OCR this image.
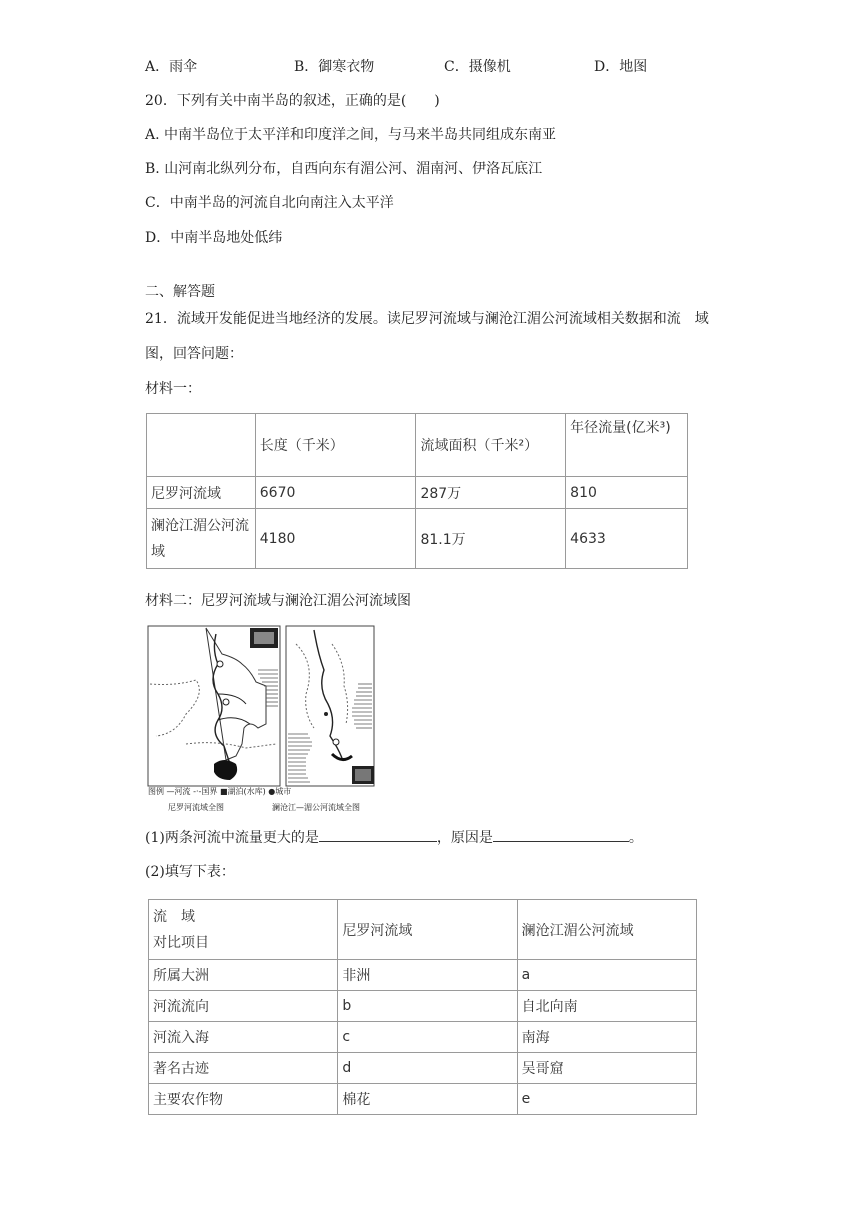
A．雨伞	B．御寒衣物	C．摄像机	D．地图
20．下列有关中南半岛的叙述，正确的是(　　)
A. 中南半岛位于太平洋和印度洋之间，与马来半岛共同组成东南亚
B. 山河南北纵列分布，自西向东有湄公河、湄南河、伊洛瓦底江
C．中南半岛的河流自北向南注入太平洋
D．中南半岛地处低纬
二、解答题
21．流域开发能促进当地经济的发展。读尼罗河流域与澜沧江湄公河流域相关数据和流　域
图，回答问题：
材料一：
	长度（千米）	流域面积（千米²）	年径流量(亿米³)
尼罗河流域	6670	287万	810
澜沧江湄公河流域	4180	81.1万	4633
材料二：尼罗河流域与澜沧江湄公河流域图
图例 —河流 -·-国界 ■湖泊(水库) ●城市
尼罗河流域全图	澜沧江—湄公河流域全图
(1)两条河流中流量更大的是	，原因是	。
(2)填写下表：
流　域
对比项目	尼罗河流域	澜沧江湄公河流域
所属大洲	非洲	a
河流流向	b	自北向南
河流入海	c	南海
著名古迹	d	吴哥窟
主要农作物	棉花	e
